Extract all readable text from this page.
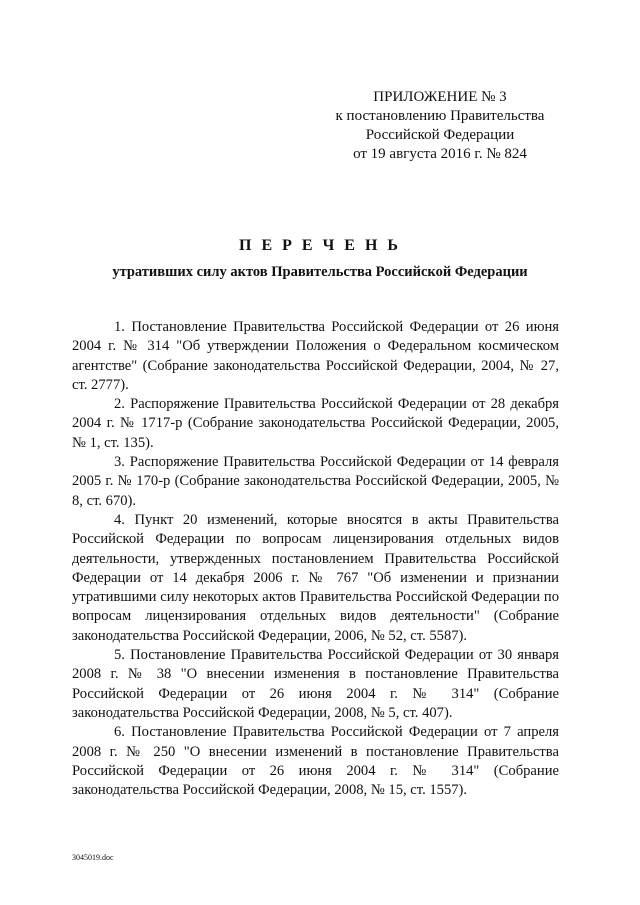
ПРИЛОЖЕНИЕ № 3
к постановлению Правительства
Российской Федерации
от 19 августа 2016 г. № 824
П Е Р Е Ч Е Н Ь
утративших силу актов Правительства Российской Федерации

1. Постановление Правительства Российской Федерации от 26 июня 2004 г. № 314 "Об утверждении Положения о Федеральном космическом агентстве" (Собрание законодательства Российской Федерации, 2004, № 27, ст. 2777).

2. Распоряжение Правительства Российской Федерации от 28 декабря 2004 г. № 1717-р (Собрание законодательства Российской Федерации, 2005, № 1, ст. 135).

3. Распоряжение Правительства Российской Федерации от 14 февраля 2005 г. № 170-р (Собрание законодательства Российской Федерации, 2005, № 8, ст. 670).

4. Пункт 20 изменений, которые вносятся в акты Правительства Российской Федерации по вопросам лицензирования отдельных видов деятельности, утвержденных постановлением Правительства Российской Федерации от 14 декабря 2006 г. № 767 "Об изменении и признании утратившими силу некоторых актов Правительства Российской Федерации по вопросам лицензирования отдельных видов деятельности" (Собрание законодательства Российской Федерации, 2006, № 52, ст. 5587).

5. Постановление Правительства Российской Федерации от 30 января 2008 г. № 38 "О внесении изменения в постановление Правительства Российской Федерации от 26 июня 2004 г. № 314" (Собрание законодательства Российской Федерации, 2008, № 5, ст. 407).

6. Постановление Правительства Российской Федерации от 7 апреля 2008 г. № 250 "О внесении изменений в постановление Правительства Российской Федерации от 26 июня 2004 г. № 314" (Собрание законодательства Российской Федерации, 2008, № 15, ст. 1557).

3045019.doc
